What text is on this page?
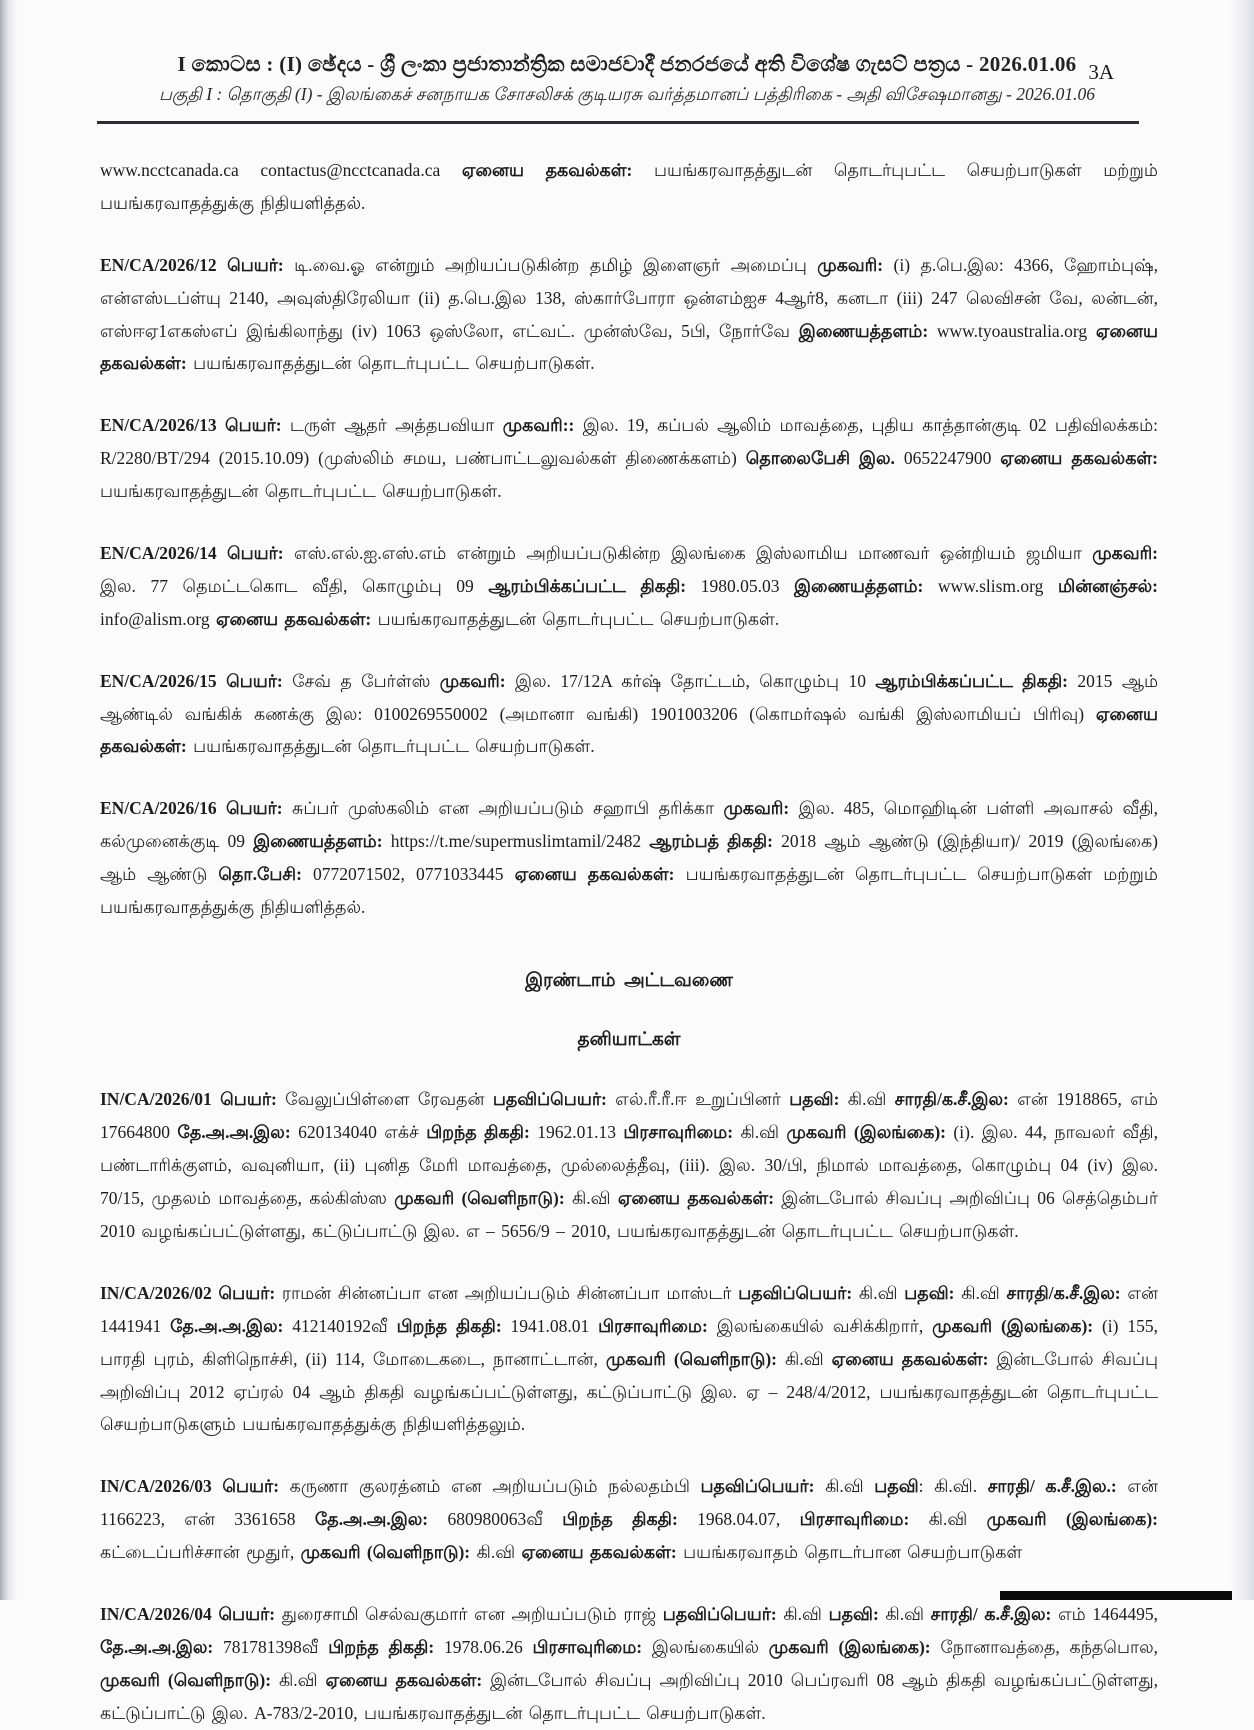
I කොටස : (I) ඡේදය - ශ්‍රී ලංකා ප්‍රජාතාන්ත්‍රික සමාජවාදී ජනරජයේ අති විශේෂ ගැසට් පත්‍රය - 2026.01.06
பகுதி I : தொகுதி (I) - இலங்கைச் சனநாயக சோசலிசக் குடியரசு வர்த்தமானப் பத்திரிகை - அதி விசேஷமானது - 2026.01.06
3A

www.ncctcanada.ca contactus@ncctcanada.ca ஏனைய தகவல்கள்: பயங்கரவாதத்துடன் தொடர்புபட்ட செயற்பாடுகள் மற்றும் பயங்கரவாதத்துக்கு நிதியளித்தல்.

EN/CA/2026/12 பெயர்: டி.வை.ஓ என்றும் அறியப்படுகின்ற தமிழ் இளைஞர் அமைப்பு முகவரி: (i) த.பெ.இல: 4366, ஹோம்புஷ், என்எஸ்டப்ள்யு 2140, அவுஸ்திரேலியா (ii) த.பெ.இல 138, ஸ்கார்போரா ஒன்எம்ஐச 4ஆர்8, கனடா (iii) 247 லெவிசன் வே, லன்டன், எஸ்ஈஏ1எகஸ்எப் இங்கிலாந்து (iv) 1063 ஒஸ்லோ, எட்வட். முன்ஸ்வே, 5பி, நோர்வே இணையத்தளம்: www.tyoaustralia.org ஏனைய தகவல்கள்: பயங்கரவாதத்துடன் தொடர்புபட்ட செயற்பாடுகள்.

EN/CA/2026/13 பெயர்: டருள் ஆதர் அத்தபவியா முகவரி:: இல. 19, கப்பல் ஆலிம் மாவத்தை, புதிய காத்தான்குடி 02 பதிவிலக்கம்: R/2280/BT/294 (2015.10.09) (முஸ்லிம் சமய, பண்பாட்டலுவல்கள் திணைக்களம்) தொலைபேசி இல. 0652247900 ஏனைய தகவல்கள்: பயங்கரவாதத்துடன் தொடர்புபட்ட செயற்பாடுகள்.

EN/CA/2026/14 பெயர்: எஸ்.எல்.ஐ.எஸ்.எம் என்றும் அறியப்படுகின்ற இலங்கை இஸ்லாமிய மாணவர் ஒன்றியம் ஜமியா முகவரி: இல. 77 தெமட்டகொட வீதி, கொழும்பு 09 ஆரம்பிக்கப்பட்ட திகதி: 1980.05.03 இணையத்தளம்: www.slism.org மின்னஞ்சல்: info@alism.org ஏனைய தகவல்கள்: பயங்கரவாதத்துடன் தொடர்புபட்ட செயற்பாடுகள்.

EN/CA/2026/15 பெயர்: சேவ் த பேர்ள்ஸ் முகவரி: இல. 17/12A கர்ஷ் தோட்டம், கொழும்பு 10 ஆரம்பிக்கப்பட்ட திகதி: 2015 ஆம் ஆண்டில் வங்கிக் கணக்கு இல: 0100269550002 (அமானா வங்கி) 1901003206 (கொமர்ஷல் வங்கி இஸ்லாமியப் பிரிவு) ஏனைய தகவல்கள்: பயங்கரவாதத்துடன் தொடர்புபட்ட செயற்பாடுகள்.

EN/CA/2026/16 பெயர்: சுப்பர் முஸ்கலிம் என அறியப்படும் சஹாபி தரிக்கா முகவரி: இல. 485, மொஹிடின் பள்ளி அவாசல் வீதி, கல்முனைக்குடி 09 இணையத்தளம்: https://t.me/supermuslimtamil/2482 ஆரம்பத் திகதி: 2018 ஆம் ஆண்டு (இந்தியா)/ 2019 (இலங்கை) ஆம் ஆண்டு தொ.பேசி: 0772071502, 0771033445 ஏனைய தகவல்கள்: பயங்கரவாதத்துடன் தொடர்புபட்ட செயற்பாடுகள் மற்றும் பயங்கரவாதத்துக்கு நிதியளித்தல்.

இரண்டாம் அட்டவணை
தனியாட்கள்

IN/CA/2026/01 பெயர்: வேலுப்பிள்ளை ரேவதன் பதவிப்பெயர்: எல்.ரீ.ரீ.ஈ உறுப்பினர் பதவி: கி.வி சாரதி/க.சீ.இல: என் 1918865, எம் 17664800 தே.அ.அ.இல: 620134040 எக்ச் பிறந்த திகதி: 1962.01.13 பிரசாவுரிமை: கி.வி முகவரி (இலங்கை): (i). இல. 44, நாவலர் வீதி, பண்டாரிக்குளம், வவுனியா, (ii) புனித மேரி மாவத்தை, முல்லைத்தீவு, (iii). இல. 30/பி, நிமால் மாவத்தை, கொழும்பு 04 (iv) இல. 70/15, முதலம் மாவத்தை, கல்கிஸ்ஸ முகவரி (வெளிநாடு): கி.வி ஏனைய தகவல்கள்: இன்டபோல் சிவப்பு அறிவிப்பு 06 செத்தெம்பர் 2010 வழங்கப்பட்டுள்ளது, கட்டுப்பாட்டு இல. எ – 5656/9 – 2010, பயங்கரவாதத்துடன் தொடர்புபட்ட செயற்பாடுகள்.

IN/CA/2026/02 பெயர்: ராமன் சின்னப்பா என அறியப்படும் சின்னப்பா மாஸ்டர் பதவிப்பெயர்: கி.வி பதவி: கி.வி சாரதி/க.சீ.இல: என் 1441941 தே.அ.அ.இல: 412140192வீ பிறந்த திகதி: 1941.08.01 பிரசாவுரிமை: இலங்கையில் வசிக்கிறார், முகவரி (இலங்கை): (i) 155, பாரதி புரம், கிளிநொச்சி, (ii) 114, மோடைகடை, நானாட்டான், முகவரி (வெளிநாடு): கி.வி ஏனைய தகவல்கள்: இன்டபோல் சிவப்பு அறிவிப்பு 2012 ஏப்ரல் 04 ஆம் திகதி வழங்கப்பட்டுள்ளது, கட்டுப்பாட்டு இல. ஏ – 248/4/2012, பயங்கரவாதத்துடன் தொடர்புபட்ட செயற்பாடுகளும் பயங்கரவாதத்துக்கு நிதியளித்தலும்.

IN/CA/2026/03 பெயர்: கருணா குலரத்னம் என அறியப்படும் நல்லதம்பி பதவிப்பெயர்: கி.வி பதவி: கி.வி. சாரதி/ க.சீ.இல.: என் 1166223, என் 3361658 தே.அ.அ.இல: 680980063வீ பிறந்த திகதி: 1968.04.07, பிரசாவுரிமை: கி.வி முகவரி (இலங்கை): கட்டைப்பரிச்சான் மூதுர், முகவரி (வெளிநாடு): கி.வி ஏனைய தகவல்கள்: பயங்கரவாதம் தொடர்பான செயற்பாடுகள்

IN/CA/2026/04 பெயர்: துரைசாமி செல்வகுமார் என அறியப்படும் ராஜ் பதவிப்பெயர்: கி.வி பதவி: கி.வி சாரதி/ க.சீ.இல: எம் 1464495, தே.அ.அ.இல: 781781398வீ பிறந்த திகதி: 1978.06.26 பிரசாவுரிமை: இலங்கையில் முகவரி (இலங்கை): நோனாவத்தை, கந்தபொல, முகவரி (வெளிநாடு): கி.வி ஏனைய தகவல்கள்: இன்டபோல் சிவப்பு அறிவிப்பு 2010 பெப்ரவரி 08 ஆம் திகதி வழங்கப்பட்டுள்ளது, கட்டுப்பாட்டு இல. A-783/2-2010, பயங்கரவாதத்துடன் தொடர்புபட்ட செயற்பாடுகள்.
